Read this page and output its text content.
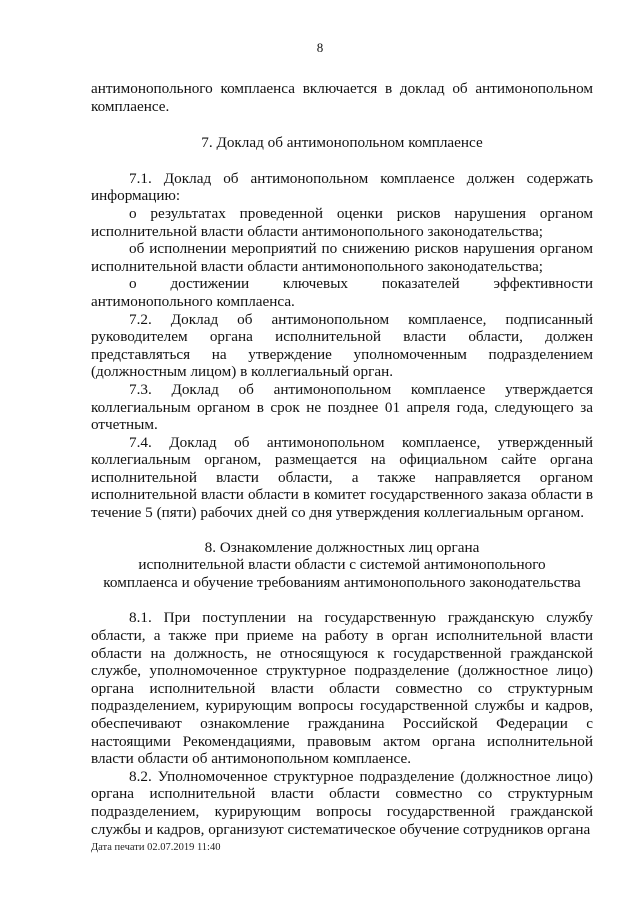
8

антимонопольного комплаенса включается в доклад об антимонопольном комплаенсе.

7. Доклад об антимонопольном комплаенсе

7.1. Доклад об антимонопольном комплаенсе должен содержать информацию:

о результатах проведенной оценки рисков нарушения органом исполнительной власти области антимонопольного законодательства;

об исполнении мероприятий по снижению рисков нарушения органом исполнительной власти области антимонопольного законодательства;

о достижении ключевых показателей эффективности антимонопольного комплаенса.

7.2. Доклад об антимонопольном комплаенсе, подписанный руководителем органа исполнительной власти области, должен представляться на утверждение уполномоченным подразделением (должностным лицом) в коллегиальный орган.

7.3. Доклад об антимонопольном комплаенсе утверждается коллегиальным органом в срок не позднее 01 апреля года, следующего за отчетным.

7.4. Доклад об антимонопольном комплаенсе, утвержденный коллегиальным органом, размещается на официальном сайте органа исполнительной власти области, а также направляется органом исполнительной власти области в комитет государственного заказа области в течение 5 (пяти) рабочих дней со дня утверждения коллегиальным органом.

8. Ознакомление должностных лиц органа
исполнительной власти области с системой антимонопольного
комплаенса и обучение требованиям антимонопольного законодательства

8.1. При поступлении на государственную гражданскую службу области, а также при приеме на работу в орган исполнительной власти области на должность, не относящуюся к государственной гражданской службе, уполномоченное структурное подразделение (должностное лицо) органа исполнительной власти области совместно со структурным подразделением, курирующим вопросы государственной службы и кадров, обеспечивают ознакомление гражданина Российской Федерации с настоящими Рекомендациями, правовым актом органа исполнительной власти области об антимонопольном комплаенсе.

8.2. Уполномоченное структурное подразделение (должностное лицо) органа исполнительной власти области совместно со структурным подразделением, курирующим вопросы государственной гражданской службы и кадров, организуют систематическое обучение сотрудников органа

Дата печати 02.07.2019 11:40
